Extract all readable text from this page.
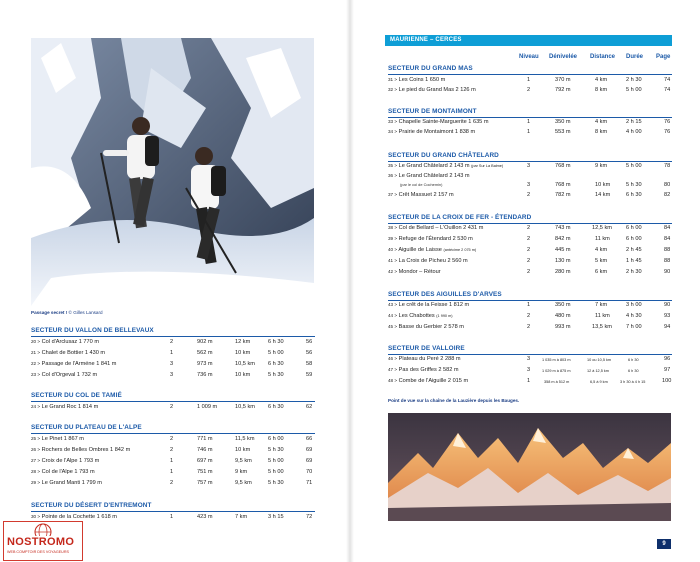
Passage secret ! © Gilles Lansard
SECTEUR DU VALLON DE BELLEVAUX
20 > Col d'Arclusaz 1 770 m	2	902 m	12 km	6 h 30	56
21 > Chalet de Bottier 1 430 m	1	562 m	10 km	5 h 00	56
22 > Passage de l'Arméne 1 841 m	3	973 m	10,5 km 6 h 30	58
23 > Col d'Orgeval 1 732 m	3	736 m	10 km	5 h 30	59
SECTEUR DU COL DE TAMIÉ
24 > Le Grand Roc 1 814 m	2	1 009 m	10,5 km 6 h 30	62
SECTEUR DU PLATEAU DE L'ALPE
25 > Le Pinet 1 867 m	2	771 m	11,5 km 6 h 00	66
26 > Rochers de Belles Ombres 1 842 m	2	746 m	10 km	5 h 30	69
27 > Croix de l'Alpe 1 793 m	1	697 m	9,5 km	5 h 00	69
28 > Col de l'Alpe 1 793 m	1	751 m	9 km	5 h 00	70
29 > Le Grand Manti 1 799 m	2	757 m	9,5 km	5 h 30	71
SECTEUR DU DÉSERT D'ENTREMONT
30 > Pointe de la Cochette 1 618 m	1	423 m	7 km	3 h 15	72
MAURIENNE – CERCES
Niveau Dénivelée Distance Durée Page
SECTEUR DU GRAND MAS
31 > Les Coins 1 650 m	1	370 m	4 km	2 h 30	74
32 > Le pied du Grand Mas 2 126 m	2	792 m	8 km	5 h 00	74
SECTEUR DE MONTAIMONT
33 > Chapelle Sainte-Marguerite 1 635 m	1	350 m	4 km	2 h 15	76
34 > Prairie de Montaimont 1 838 m	1	553 m	8 km	4 h 00	76
SECTEUR DU GRAND CHÂTELARD
35 > Le Grand Châtelard 2 143 m (par Sur La Balme)	3	768 m	9 km	5 h 00	78
36 > Le Grand Châtelard 2 143 m
(par le col de Cochemin)	3	768 m	10 km	5 h 30	80
37 > Crêt Massuet 2 157 m	2	782 m	14 km	6 h 30	82
SECTEUR DE LA CROIX DE FER - ÉTENDARD
38 > Col de Bellard – L'Ouillon 2 431 m	2	743 m	12,5 km	6 h 00	84
39 > Refuge de l'Étendard 2 530 m	2	842 m	11 km	6 h 00	84
40 > Aiguille de Laisse (antécime 2 075 m)	2	445 m	4 km	2 h 45	88
41 > La Croix de Picheu 2 560 m	2	130 m	5 km	1 h 45	88
42 > Mondor – Rétour	2	280 m	6 km	2 h 30	90
SECTEUR DES AIGUILLES D'ARVES
43 > Le crêt de la Feisse 1 812 m	1	350 m	7 km	3 h 00	90
44 > Les Chabottes (1 990 m)	2	480 m	11 km	4 h 30	93
45 > Basse du Gerbier 2 578 m	2	993 m	13,5 km	7 h 00	94
SECTEUR DE VALLOIRE
46 > Plateau du Peré 2 288 m	3	1 035 m à 803 m	10 ou 10,5 km	6 h 30	96
47 > Pas des Griffes 2 582 m	3	1 029 m à 875 m	12 à 12,5 km	6 h 30	97
48 > Combe de l'Aiguille 2 015 m	1	358 m à 512 m	6,5 à 9 km	3 h 30 à 4 h 15	100
Point de vue sur la chaîne de la Lauzière depuis les Bauges.
9
NOSTROMO
WEB COMPTOIR DES VOYAGEURS
